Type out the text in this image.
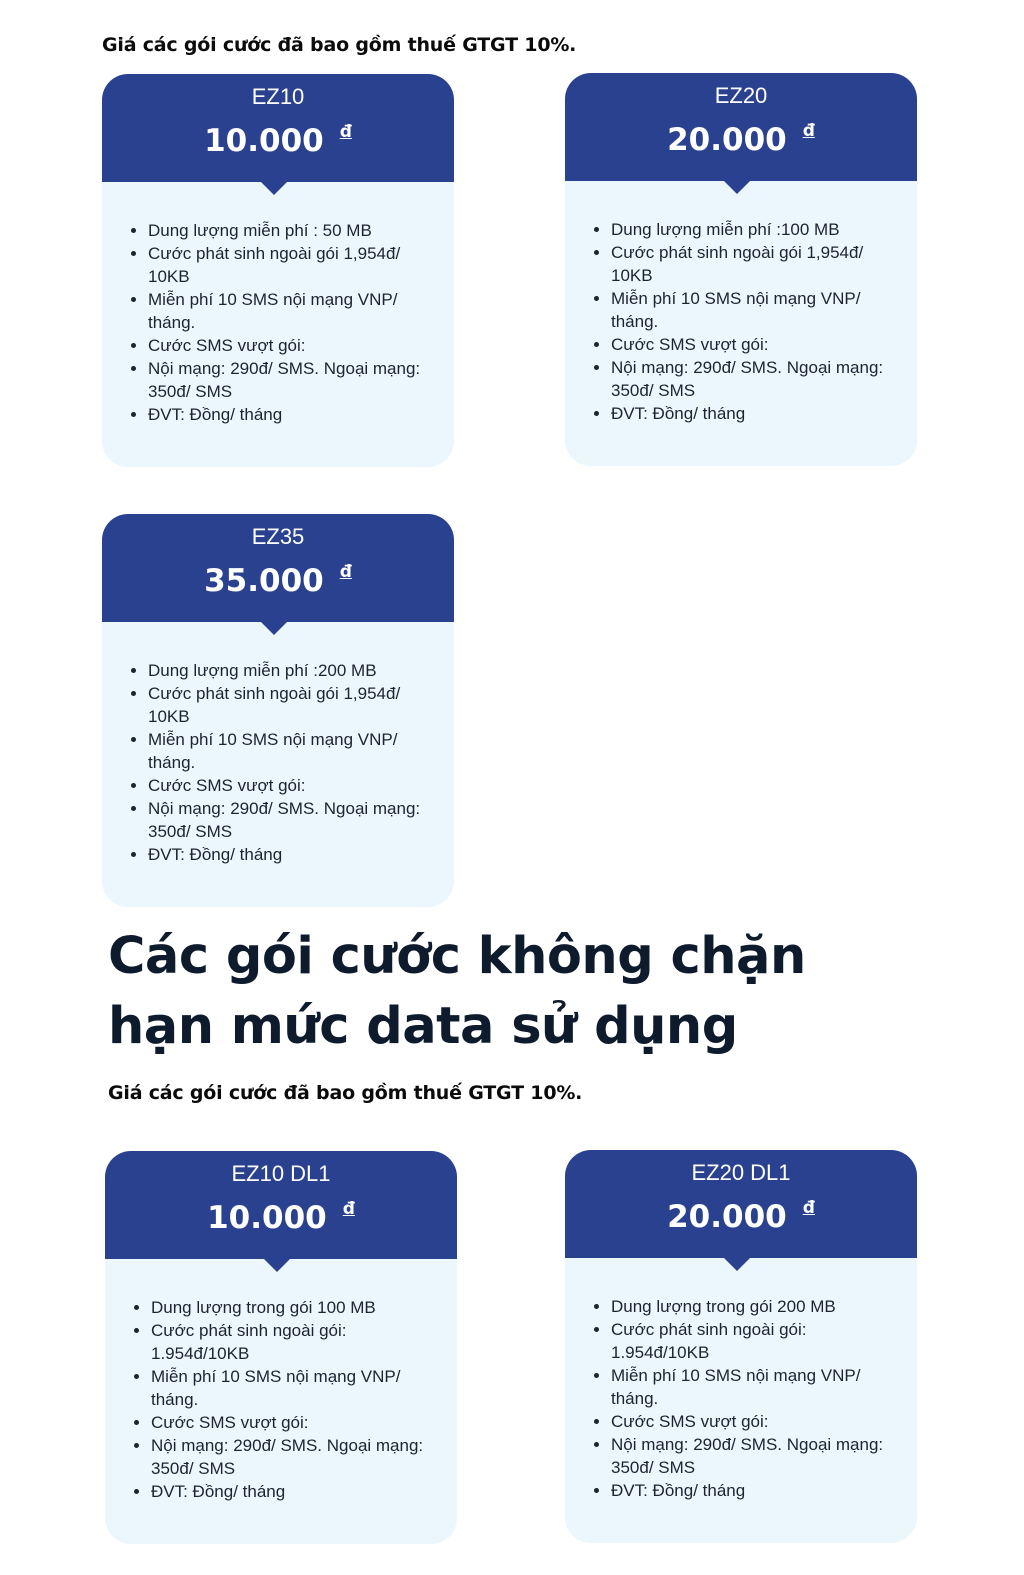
Giá các gói cước đã bao gồm thuế GTGT 10%.
EZ10
10.000 đ
• Dung lượng miễn phí : 50 MB
• Cước phát sinh ngoài gói 1,954đ/ 10KB
• Miễn phí 10 SMS nội mạng VNP/ tháng.
• Cước SMS vượt gói:
• Nội mạng: 290đ/ SMS. Ngoại mạng: 350đ/ SMS
• ĐVT: Đồng/ tháng
EZ20
20.000 đ
• Dung lượng miễn phí :100 MB
• Cước phát sinh ngoài gói 1,954đ/ 10KB
• Miễn phí 10 SMS nội mạng VNP/ tháng.
• Cước SMS vượt gói:
• Nội mạng: 290đ/ SMS. Ngoại mạng: 350đ/ SMS
• ĐVT: Đồng/ tháng
EZ35
35.000 đ
• Dung lượng miễn phí :200 MB
• Cước phát sinh ngoài gói 1,954đ/ 10KB
• Miễn phí 10 SMS nội mạng VNP/ tháng.
• Cước SMS vượt gói:
• Nội mạng: 290đ/ SMS. Ngoại mạng: 350đ/ SMS
• ĐVT: Đồng/ tháng
Các gói cước không chặn hạn mức data sử dụng
Giá các gói cước đã bao gồm thuế GTGT 10%.
EZ10 DL1
10.000 đ
• Dung lượng trong gói 100 MB
• Cước phát sinh ngoài gói: 1.954đ/10KB
• Miễn phí 10 SMS nội mạng VNP/ tháng.
• Cước SMS vượt gói:
• Nội mạng: 290đ/ SMS. Ngoại mạng: 350đ/ SMS
• ĐVT: Đồng/ tháng
EZ20 DL1
20.000 đ
• Dung lượng trong gói 200 MB
• Cước phát sinh ngoài gói: 1.954đ/10KB
• Miễn phí 10 SMS nội mạng VNP/ tháng.
• Cước SMS vượt gói:
• Nội mạng: 290đ/ SMS. Ngoại mạng: 350đ/ SMS
• ĐVT: Đồng/ tháng
